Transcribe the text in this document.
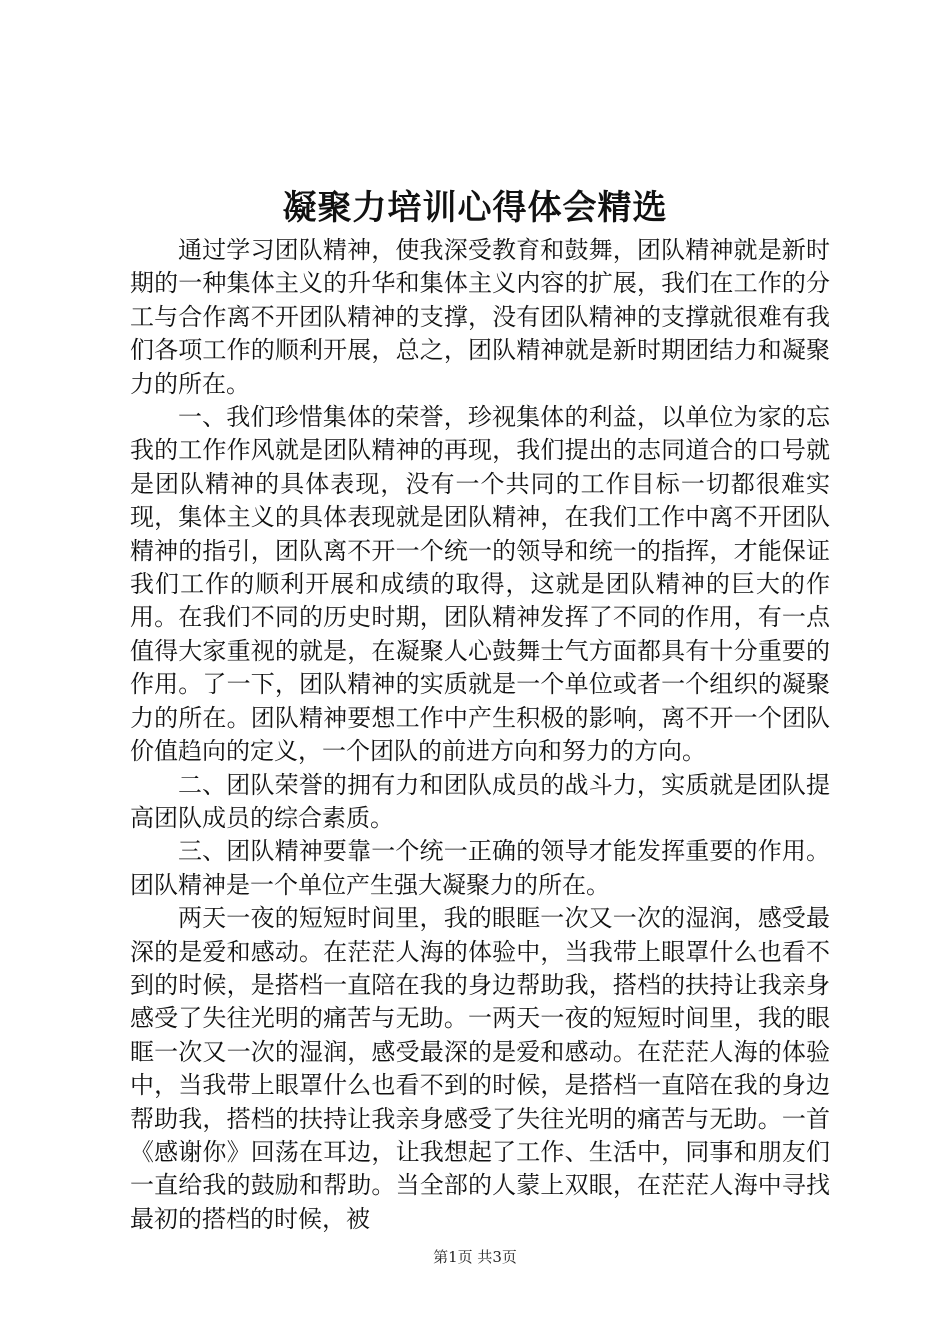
凝聚力培训心得体会精选

通过学习团队精神，使我深受教育和鼓舞，团队精神就是新时期的一种集体主义的升华和集体主义内容的扩展，我们在工作的分工与合作离不开团队精神的支撑，没有团队精神的支撑就很难有我们各项工作的顺利开展，总之，团队精神就是新时期团结力和凝聚力的所在。

一、我们珍惜集体的荣誉，珍视集体的利益，以单位为家的忘我的工作作风就是团队精神的再现，我们提出的志同道合的口号就是团队精神的具体表现，没有一个共同的工作目标一切都很难实现，集体主义的具体表现就是团队精神，在我们工作中离不开团队精神的指引，团队离不开一个统一的领导和统一的指挥，才能保证我们工作的顺利开展和成绩的取得，这就是团队精神的巨大的作用。在我们不同的历史时期，团队精神发挥了不同的作用，有一点值得大家重视的就是，在凝聚人心鼓舞士气方面都具有十分重要的作用。了一下，团队精神的实质就是一个单位或者一个组织的凝聚力的所在。团队精神要想工作中产生积极的影响，离不开一个团队价值趋向的定义，一个团队的前进方向和努力的方向。

二、团队荣誉的拥有力和团队成员的战斗力，实质就是团队提高团队成员的综合素质。

三、团队精神要靠一个统一正确的领导才能发挥重要的作用。团队精神是一个单位产生强大凝聚力的所在。

两天一夜的短短时间里，我的眼眶一次又一次的湿润，感受最深的是爱和感动。在茫茫人海的体验中，当我带上眼罩什么也看不到的时候，是搭档一直陪在我的身边帮助我，搭档的扶持让我亲身感受了失往光明的痛苦与无助。一两天一夜的短短时间里，我的眼眶一次又一次的湿润，感受最深的是爱和感动。在茫茫人海的体验中，当我带上眼罩什么也看不到的时候，是搭档一直陪在我的身边帮助我，搭档的扶持让我亲身感受了失往光明的痛苦与无助。一首《感谢你》回荡在耳边，让我想起了工作、生活中，同事和朋友们一直给我的鼓励和帮助。当全部的人蒙上双眼，在茫茫人海中寻找最初的搭档的时候，被

第1页 共3页
